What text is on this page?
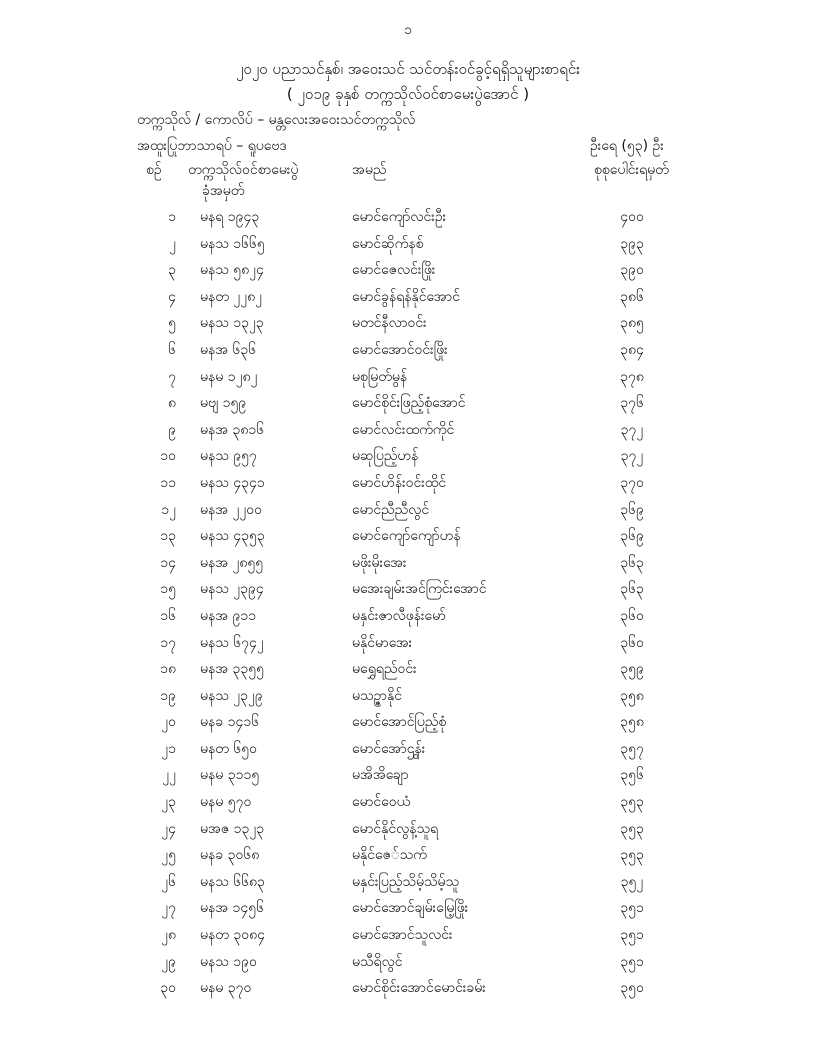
၁
၂၀၂၀ ပညာသင်နှစ်၊ အဝေးသင် သင်တန်းဝင်ခွင့်ရရှိသူများစာရင်း
( ၂၀၁၉ ခုနှစ် တက္ကသိုလ်ဝင်စာမေးပွဲအောင် )
တက္ကသိုလ် / ကောလိပ် – မန္တလေးအဝေးသင်တက္ကသိုလ်
အထူးပြုဘာသာရပ် – ရူပဗေဒ	ဦးရေ (၅၃) ဦး
စဉ် တက္ကသိုလ်ဝင်စာမေးပွဲ
ခုံအမှတ်
အမည်	စုစုပေါင်းရမှတ်
၁ မနရ ၁၉၄၃	မောင်ကျော်လင်းဦး	၄၀၀
၂ မနသ ၁၆၆၅	မောင်ဆိုက်နစ်	၃၉၃
၃ မနသ ၅၈၂၄	မောင်ဇေလင်းဖြိုး	၃၉၀
၄ မနတ ၂၂၈၂	မောင်ခွန်ရန်နိုင်အောင်	၃၈၆
၅ မနသ ၁၃၂၃	မတင်နီလာဝင်း	၃၈၅
၆ မနအ ၆၃၆	မောင်အောင်ဝင်းဖြိုး	၃၈၄
၇ မနမ ၁၂၈၂	မစုမြတ်မွန်	၃၇၈
၈ မဗျ ၁၅၉	မောင်စိုင်းဖြည့်စုံအောင်	၃၇၆
၉ မနအ ၃၈၁၆	မောင်လင်းထက်ကိုင်	၃၇၂
၁၀ မနသ ၉၅၇	မဆုပြည့်ဟန်	၃၇၂
၁၁ မနသ ၄၃၄၁	မောင်ဟိန်းဝင်းထိုင်	၃၇၀
၁၂ မနအ ၂၂၀၀	မောင်ညီညီလွင်	၃၆၉
၁၃ မနသ ၄၃၅၃	မောင်ကျော်ကျော်ဟန်	၃၆၉
၁၄ မနအ ၂၈၅၅	မဖိုးမိုးအေး	၃၆၃
၁၅ မနသ ၂၃၉၄	မအေးချမ်းအင်ကြင်းအောင်	၃၆၃
၁၆ မနအ ၉၁၁	မနှင်းဇာလီဖုန်းမော်	၃၆၀
၁၇ မနသ ၆၇၄၂	မနိုင်မာအေး	၃၆၀
၁၈ မနအ ၃၃၅၅	မရွှေရည်ဝင်း	၃၅၉
၁၉ မနသ ၂၃၂၉	မသဉ္ဇာနိုင်	၃၅၈
၂၀ မနခ ၁၄၁၆	မောင်အောင်ပြည့်စုံ	၃၅၈
၂၁ မနတ ၆၅၀	မောင်အော်ဌွန်း	၃၅၇
၂၂ မနမ ၃၁၁၅	မအိအိချော	၃၅၆
၂၃ မနမ ၅၇၀	မောင်ဝေယံ	၃၅၃
၂၄ မအဇ ၁၃၂၃	မောင်နိုင်လွန့်သူရ	၃၅၃
၂၅ မနခ ၃၀၆၈	မနိုင်ဇေ်သက်	၃၅၃
၂၆ မနသ ၆၆၈၃	မနှင်းပြည့်သိမ့်သိမ့်သူ	၃၅၂
၂၇ မနအ ၁၄၅၆	မောင်အောင်ချမ်းမြေ့ဖြိုး	၃၅၁
၂၈ မနတ ၃၀၈၄	မောင်အောင်သူလင်း	၃၅၁
၂၉ မနသ ၁၉၀	မသီရိလွင်	၃၅၁
၃၀ မနမ ၃၇၀	မောင်စိုင်းအောင်မောင်းခမ်း	၃၅၀
